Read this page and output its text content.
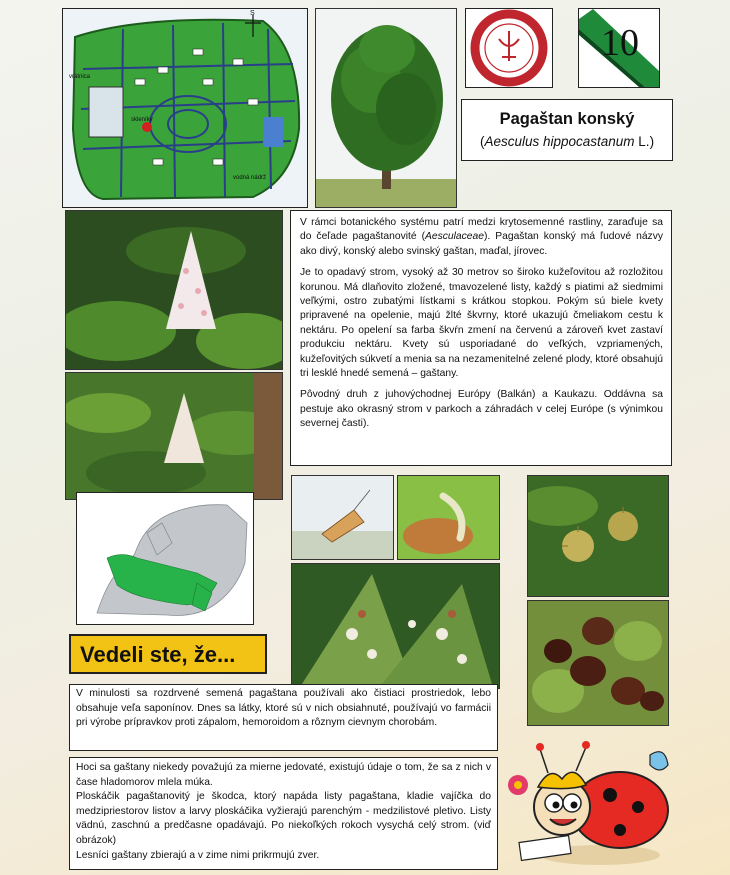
vrátnica
skleníky
vodná nádrž
S
10
Pagaštan konský
(Aesculus hippocastanum L.)

V rámci botanického systému patrí medzi krytosemenné rastliny, zaraďuje sa do čeľade pagaštanovité (Aesculaceae). Pagaštan konský má ľudové názvy ako divý, konský alebo svinský gaštan, maďal, jírovec.

Je to opadavý strom, vysoký až 30 metrov so široko kužeľovitou až rozložitou korunou. Má dlaňovito zložené, tmavozelené listy, každý s piatimi až siedmimi veľkými, ostro zubatými lístkami s krátkou stopkou. Pokým sú biele kvety pripravené na opelenie, majú žlté škvrny, ktoré ukazujú čmeliakom cestu k nektáru. Po opelení sa farba škvŕn zmení na červenú a zároveň kvet zastaví produkciu nektáru. Kvety sú usporiadané do veľkých, vzpriamených, kužeľovitých súkvetí a menia sa na nezamenitelné zelené plody, ktoré obsahujú tri lesklé hnedé semená – gaštany.

Pôvodný druh z juhovýchodnej Európy (Balkán) a Kaukazu. Oddávna sa pestuje ako okrasný strom v parkoch a záhradách v celej Európe (s výnimkou severnej časti).

Vedeli ste, že...

V minulosti sa rozdrvené semená pagaštana používali ako čistiaci prostriedok, lebo obsahuje veľa saponínov. Dnes sa látky, ktoré sú v nich obsiahnuté, používajú vo farmácii pri výrobe prípravkov proti zápalom, hemoroidom a rôznym cievnym chorobám.

Hoci sa gaštany niekedy považujú za mierne jedovaté, existujú údaje o tom, že sa z nich v čase hladomorov mlela múka.

Ploskáčik pagaštanovitý je škodca, ktorý napáda listy pagaštana, kladie vajíčka do medzipriestorov listov a larvy ploskáčika vyžierajú parenchým - medzilistové pletivo. Listy vädnú, zaschnú a predčasne opadávajú. Po niekoľkých rokoch vysychá celý strom. (viď obrázok)

Lesníci gaštany zbierajú a v zime nimi prikrmujú zver.
